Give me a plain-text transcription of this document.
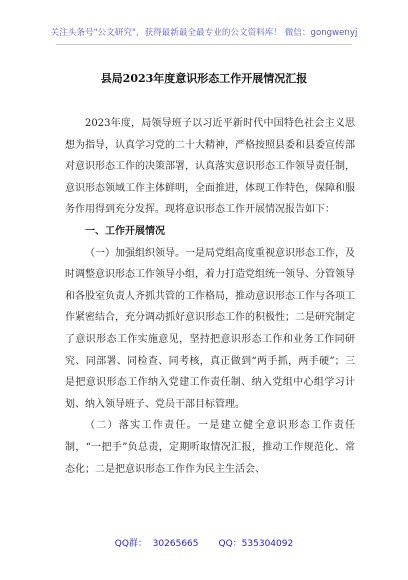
关注头条号"公文研究"，获得最新最全最专业的公文资料库！ 微信：gongwenyj
县局2023年度意识形态工作开展情况汇报

2023年度，局领导班子以习近平新时代中国特色社会主义思想为指导，认真学习党的二十大精神，严格按照县委和县委宣传部对意识形态工作的决策部署，认真落实意识形态工作领导责任制，意识形态领域工作主体鲜明，全面推进，体现工作特色，保障和服务作用得到充分发挥。现将意识形态工作开展情况报告如下：

一、工作开展情况

（一）加强组织领导。一是局党组高度重视意识形态工作，及时调整意识形态工作领导小组，着力打造党组统一领导、分管领导和各股室负责人齐抓共管的工作格局，推动意识形态工作与各项工作紧密结合，充分调动抓好意识形态工作的积极性；二是研究制定了意识形态工作实施意见，坚持把意识形态工作和业务工作同研究、同部署、同检查、同考核，真正做到“两手抓，两手硬”；三是把意识形态工作纳入党建工作责任制、纳入党组中心组学习计划、纳入领导班子、党员干部目标管理。

（二）落实工作责任。一是建立健全意识形态工作责任制，“一把手”负总责，定期听取情况汇报，推动工作规范化、常态化；二是把意识形态工作作为民主生活会、

QQ群：  30265665 QQ：535304092
